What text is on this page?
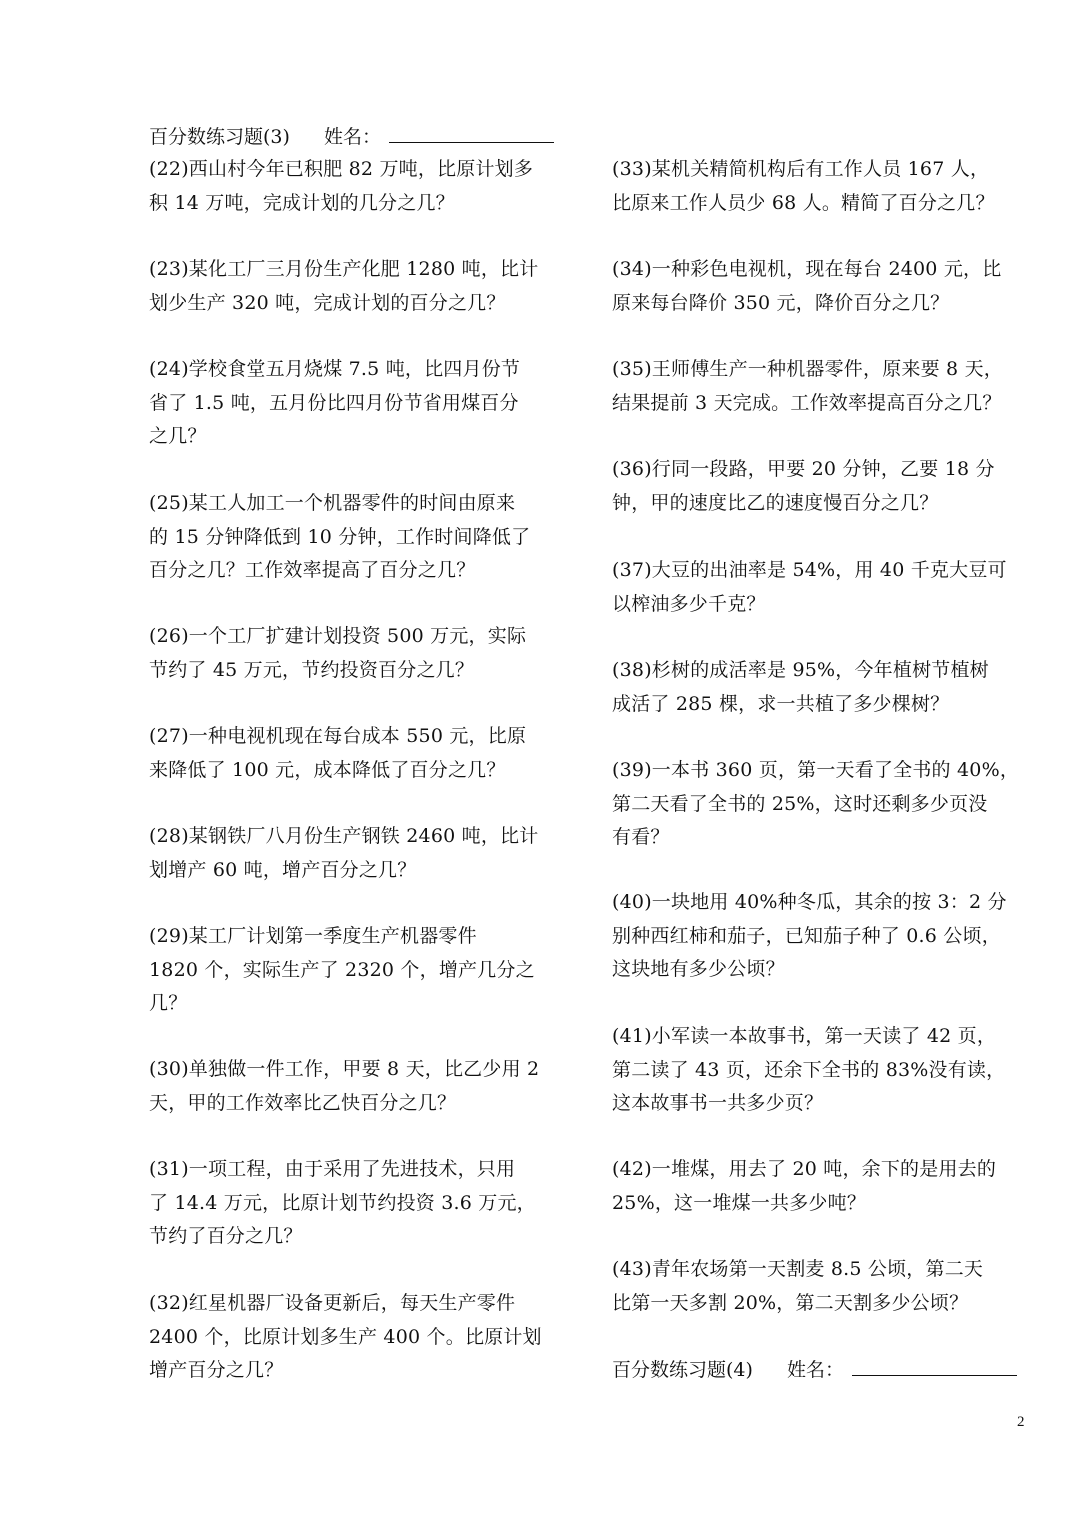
百分数练习题(3) 姓名：
(22)西山村今年已积肥 82 万吨，比原计划多
积 14 万吨，完成计划的几分之几？
(23)某化工厂三月份生产化肥 1280 吨，比计
划少生产 320 吨，完成计划的百分之几？
(24)学校食堂五月烧煤 7.5 吨，比四月份节
省了 1.5 吨，五月份比四月份节省用煤百分
之几？
(25)某工人加工一个机器零件的时间由原来
的 15 分钟降低到 10 分钟，工作时间降低了
百分之几？工作效率提高了百分之几？
(26)一个工厂扩建计划投资 500 万元，实际
节约了 45 万元，节约投资百分之几？
(27)一种电视机现在每台成本 550 元，比原
来降低了 100 元，成本降低了百分之几？
(28)某钢铁厂八月份生产钢铁 2460 吨，比计
划增产 60 吨，增产百分之几？
(29)某工厂计划第一季度生产机器零件
1820 个，实际生产了 2320 个，增产几分之
几？
(30)单独做一件工作，甲要 8 天，比乙少用 2
天，甲的工作效率比乙快百分之几？
(31)一项工程，由于采用了先进技术，只用
了 14.4 万元，比原计划节约投资 3.6 万元，
节约了百分之几？
(32)红星机器厂设备更新后，每天生产零件
2400 个，比原计划多生产 400 个。比原计划
增产百分之几？
(33)某机关精简机构后有工作人员 167 人，
比原来工作人员少 68 人。精简了百分之几？
(34)一种彩色电视机，现在每台 2400 元，比
原来每台降价 350 元，降价百分之几？
(35)王师傅生产一种机器零件，原来要 8 天，
结果提前 3 天完成。工作效率提高百分之几？
(36)行同一段路，甲要 20 分钟，乙要 18 分
钟，甲的速度比乙的速度慢百分之几？
(37)大豆的出油率是 54%，用 40 千克大豆可
以榨油多少千克？
(38)杉树的成活率是 95%，今年植树节植树
成活了 285 棵，求一共植了多少棵树？
(39)一本书 360 页，第一天看了全书的 40%，
第二天看了全书的 25%，这时还剩多少页没
有看？
(40)一块地用 40%种冬瓜，其余的按 3：2 分
别种西红柿和茄子，已知茄子种了 0.6 公顷，
这块地有多少公顷？
(41)小军读一本故事书，第一天读了 42 页，
第二读了 43 页，还余下全书的 83%没有读，
这本故事书一共多少页？
(42)一堆煤，用去了 20 吨，余下的是用去的
25%，这一堆煤一共多少吨？
(43)青年农场第一天割麦 8.5 公顷，第二天
比第一天多割 20%，第二天割多少公顷？
百分数练习题(4) 姓名：
2
